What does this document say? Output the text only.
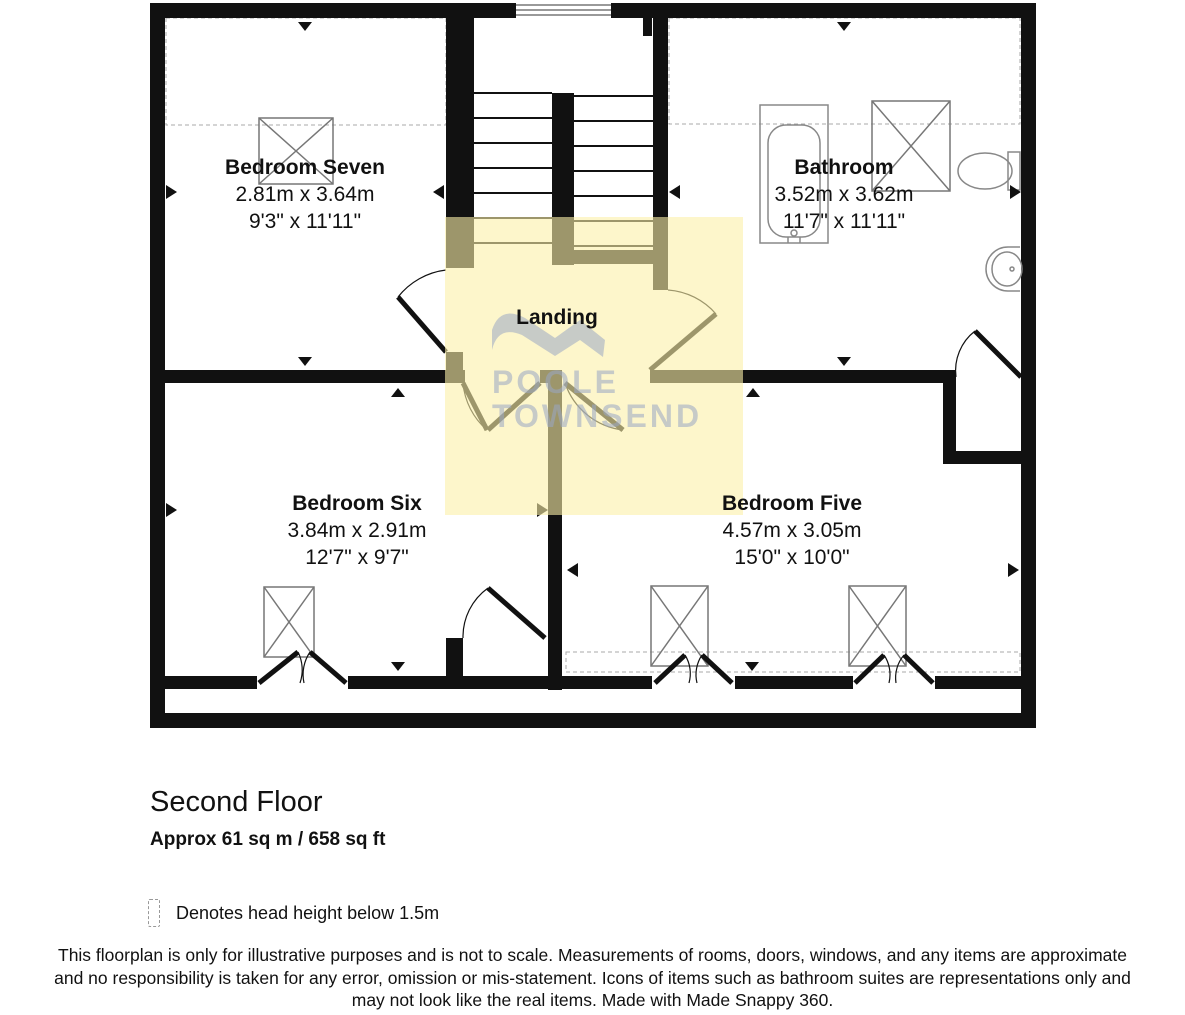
POOLE
TOWNSEND
Bedroom Seven
2.81m x 3.64m
9'3" x 11'11"
Bathroom
3.52m x 3.62m
11'7" x 11'11"
Landing
Bedroom Six
3.84m x 2.91m
12'7" x 9'7"
Bedroom Five
4.57m x 3.05m
15'0" x 10'0"
Second Floor
Approx 61 sq m / 658 sq ft
Denotes head height below 1.5m
This floorplan is only for illustrative purposes and is not to scale. Measurements of rooms, doors, windows, and any items are approximate
and no responsibility is taken for any error, omission or mis-statement. Icons of items such as bathroom suites are representations only and
may not look like the real items. Made with Made Snappy 360.
